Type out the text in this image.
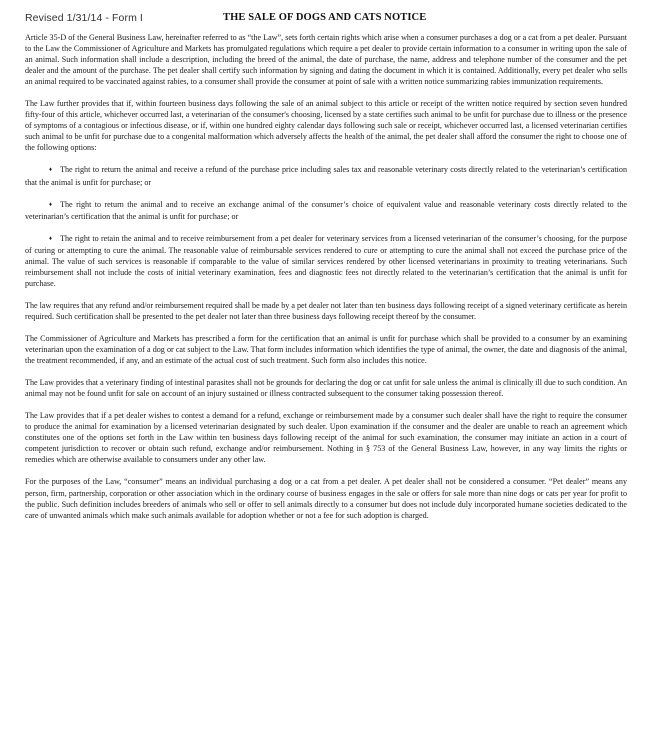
Revised 1/31/14 - Form I	THE SALE OF DOGS AND CATS NOTICE

Article 35-D of the General Business Law, hereinafter referred to as “the Law”, sets forth certain rights which arise when a consumer purchases a dog or a cat from a pet dealer. Pursuant to the Law the Commissioner of Agriculture and Markets has promulgated regulations which require a pet dealer to provide certain information to a consumer in writing upon the sale of an animal. Such information shall include a description, including the breed of the animal, the date of purchase, the name, address and telephone number of the consumer and the pet dealer and the amount of the purchase. The pet dealer shall certify such information by signing and dating the document in which it is contained. Additionally, every pet dealer who sells an animal required to be vaccinated against rabies, to a consumer shall provide the consumer at point of sale with a written notice summarizing rabies immunization requirements.

The Law further provides that if, within fourteen business days following the sale of an animal subject to this article or receipt of the written notice required by section seven hundred fifty-four of this article, whichever occurred last, a veterinarian of the consumer's choosing, licensed by a state certifies such animal to be unfit for purchase due to illness or the presence of symptoms of a contagious or infectious disease, or if, within one hundred eighty calendar days following such sale or receipt, whichever occurred last, a licensed veterinarian certifies such animal to be unfit for purchase due to a congenital malformation which adversely affects the health of the animal, the pet dealer shall afford the consumer the right to choose one of the following options:

♦ The right to return the animal and receive a refund of the purchase price including sales tax and reasonable veterinary costs directly related to the veterinarian’s certification that the animal is unfit for purchase; or

♦ The right to return the animal and to receive an exchange animal of the consumer’s choice of equivalent value and reasonable veterinary costs directly related to the veterinarian’s certification that the animal is unfit for purchase; or

♦ The right to retain the animal and to receive reimbursement from a pet dealer for veterinary services from a licensed veterinarian of the consumer’s choosing, for the purpose of curing or attempting to cure the animal. The reasonable value of reimbursable services rendered to cure or attempting to cure the animal shall not exceed the purchase price of the animal. The value of such services is reasonable if comparable to the value of similar services rendered by other licensed veterinarians in proximity to treating veterinarians. Such reimbursement shall not include the costs of initial veterinary examination, fees and diagnostic fees not directly related to the veterinarian’s certification that the animal is unfit for purchase.

The law requires that any refund and/or reimbursement required shall be made by a pet dealer not later than ten business days following receipt of a signed veterinary certificate as herein required. Such certification shall be presented to the pet dealer not later than three business days following receipt thereof by the consumer.

The Commissioner of Agriculture and Markets has prescribed a form for the certification that an animal is unfit for purchase which shall be provided to a consumer by an examining veterinarian upon the examination of a dog or cat subject to the Law. That form includes information which identifies the type of animal, the owner, the date and diagnosis of the animal, the treatment recommended, if any, and an estimate of the actual cost of such treatment. Such form also includes this notice.

The Law provides that a veterinary finding of intestinal parasites shall not be grounds for declaring the dog or cat unfit for sale unless the animal is clinically ill due to such condition. An animal may not be found unfit for sale on account of an injury sustained or illness contracted subsequent to the consumer taking possession thereof.

The Law provides that if a pet dealer wishes to contest a demand for a refund, exchange or reimbursement made by a consumer such dealer shall have the right to require the consumer to produce the animal for examination by a licensed veterinarian designated by such dealer. Upon examination if the consumer and the dealer are unable to reach an agreement which constitutes one of the options set forth in the Law within ten business days following receipt of the animal for such examination, the consumer may initiate an action in a court of competent jurisdiction to recover or obtain such refund, exchange and/or reimbursement. Nothing in § 753 of the General Business Law, however, in any way limits the rights or remedies which are otherwise available to consumers under any other law.

For the purposes of the Law, “consumer” means an individual purchasing a dog or a cat from a pet dealer. A pet dealer shall not be considered a consumer. “Pet dealer” means any person, firm, partnership, corporation or other association which in the ordinary course of business engages in the sale or offers for sale more than nine dogs or cats per year for profit to the public. Such definition includes breeders of animals who sell or offer to sell animals directly to a consumer but does not include duly incorporated humane societies dedicated to the care of unwanted animals which make such animals available for adoption whether or not a fee for such adoption is charged.
